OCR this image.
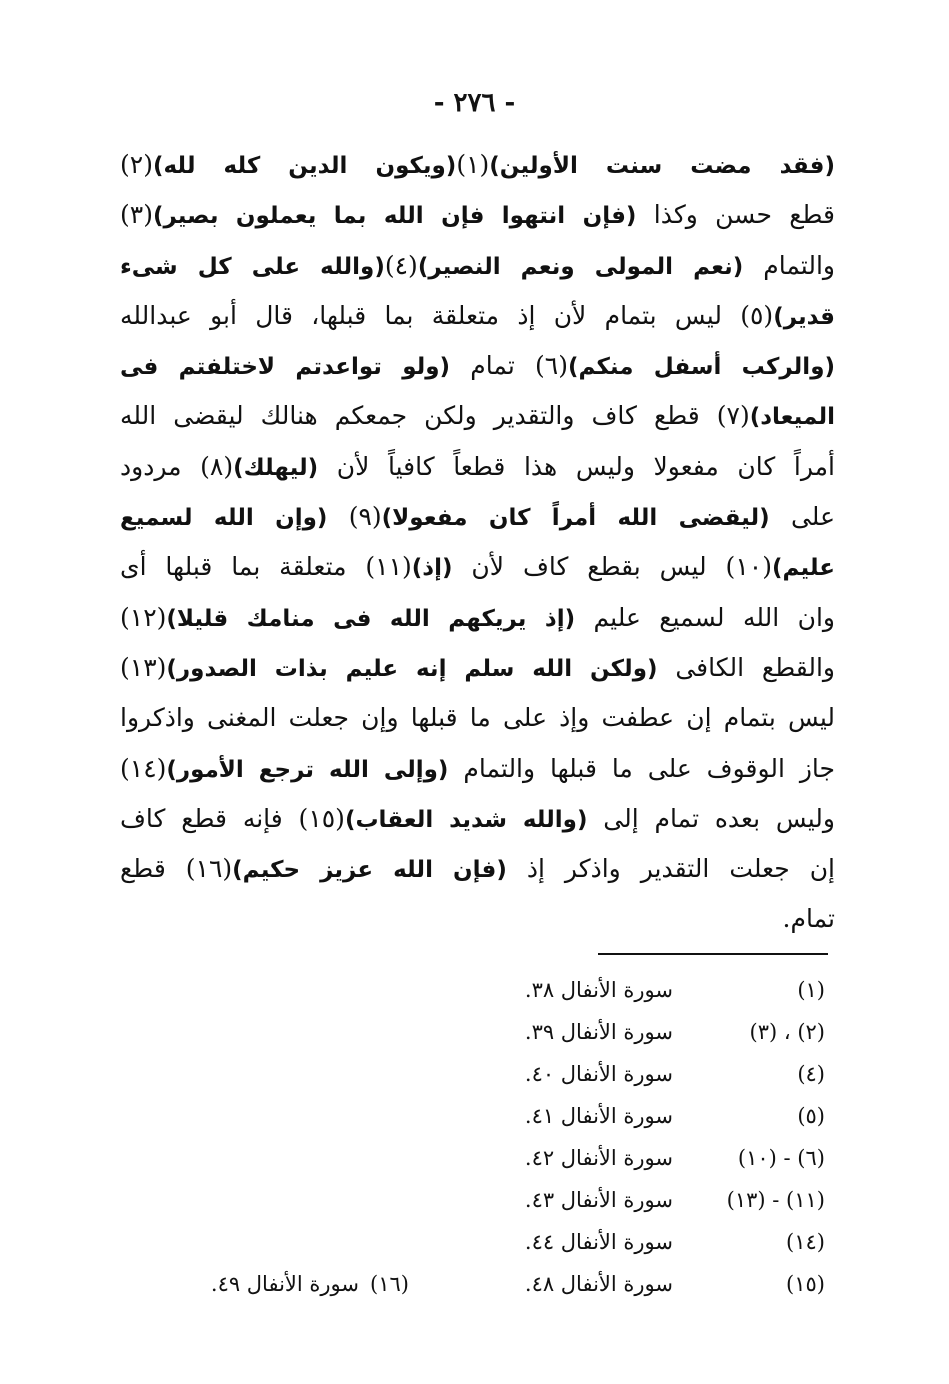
- ٢٧٦ -
(فقد مضت سنت الأولين)(١)(ويكون الدين كله لله)(٢)
قطع حسن وكذا (فإن انتهوا فإن الله بما يعملون بصير)(٣)
والتمام (نعم المولى ونعم النصير)(٤)(والله على كل شىء
قدير)(٥) ليس بتمام لأن إذ متعلقة بما قبلها، قال أبو عبدالله
(والركب أسفل منكم)(٦) تمام (ولو تواعدتم لاختلفتم فى
الميعاد)(٧) قطع كاف والتقدير ولكن جمعكم هنالك ليقضى الله
أمراً كان مفعولا وليس هذا قطعاً كافياً لأن (ليهلك)(٨) مردود
على (ليقضى الله أمراً كان مفعولا)(٩) (وإن الله لسميع
عليم)(١٠) ليس بقطع كاف لأن (إذ)(١١) متعلقة بما قبلها أى
وان الله لسميع عليم (إذ يريكهم الله فى منامك قليلا)(١٢)
والقطع الكافى (ولكن الله سلم إنه عليم بذات الصدور)(١٣)
ليس بتمام إن عطفت وإذ على ما قبلها وإن جعلت المغنى واذكروا
جاز الوقوف على ما قبلها والتمام (وإلى الله ترجع الأمور)(١٤)
وليس بعده تمام إلى (والله شديد العقاب)(١٥) فإنه قطع كاف
إن جعلت التقدير واذكر إذ (فإن الله عزيز حكيم)(١٦) قطع
تمام.
(١)
سورة الأنفال ٣٨.
(٢) ، (٣)
سورة الأنفال ٣٩.
(٤)
سورة الأنفال ٤٠.
(٥)
سورة الأنفال ٤١.
(٦) - (١٠)
سورة الأنفال ٤٢.
(١١) - (١٣)
سورة الأنفال ٤٣.
(١٤)
سورة الأنفال ٤٤.
(١٥)
سورة الأنفال ٤٨.
(١٦)
سورة الأنفال ٤٩.
